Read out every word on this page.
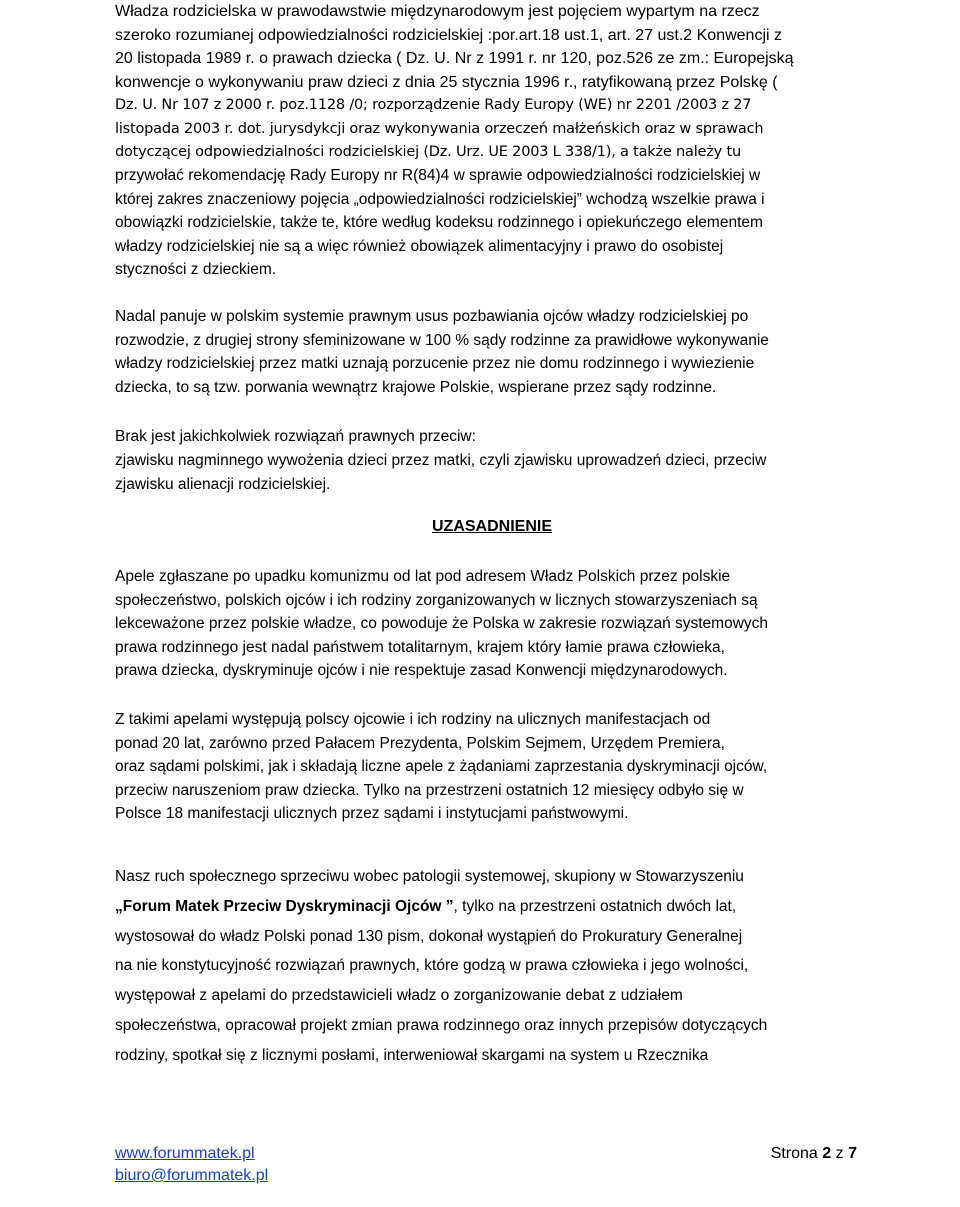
Władza rodzicielska w prawodawstwie międzynarodowym jest pojęciem wypartym na rzecz
szeroko rozumianej odpowiedzialności rodzicielskiej :por.art.18 ust.1, art. 27 ust.2 Konwencji z
20 listopada 1989 r. o prawach dziecka ( Dz. U. Nr z 1991 r. nr 120, poz.526 ze zm.: Europejską
konwencje o wykonywaniu praw dzieci z dnia 25 stycznia 1996 r., ratyfikowaną przez Polskę (
Dz. U. Nr 107 z 2000 r. poz.1128 /0; rozporządzenie Rady Europy (WE) nr 2201 /2003 z 27
listopada 2003 r. dot. jurysdykcji oraz wykonywania orzeczeń małżeńskich oraz w sprawach
dotyczącej odpowiedzialności rodzicielskiej (Dz. Urz. UE 2003 L 338/1), a także należy tu
przywołać rekomendację Rady Europy nr R(84)4 w sprawie odpowiedzialności rodzicielskiej w
której zakres znaczeniowy pojęcia „odpowiedzialności rodzicielskiej” wchodzą wszelkie prawa i
obowiązki rodzicielskie, także te, które według kodeksu rodzinnego i opiekuńczego elementem
władzy rodzicielskiej nie są a więc również obowiązek alimentacyjny i prawo do osobistej
styczności z dzieckiem.
Nadal panuje w polskim systemie prawnym usus pozbawiania ojców władzy rodzicielskiej po
rozwodzie, z drugiej strony sfeminizowane w 100 % sądy rodzinne za prawidłowe wykonywanie
władzy rodzicielskiej przez matki uznają porzucenie przez nie domu rodzinnego i wywiezienie
dziecka, to są tzw. porwania wewnątrz krajowe Polskie, wspierane przez sądy rodzinne.
Brak jest jakichkolwiek rozwiązań prawnych przeciw:
zjawisku nagminnego wywożenia dzieci przez matki, czyli zjawisku uprowadzeń dzieci, przeciw
zjawisku alienacji rodzicielskiej.
UZASADNIENIE
Apele zgłaszane po upadku komunizmu od lat pod adresem Władz Polskich przez polskie
społeczeństwo, polskich ojców i ich rodziny zorganizowanych w licznych stowarzyszeniach są
lekceważone przez polskie władze, co powoduje że Polska w zakresie rozwiązań systemowych
prawa rodzinnego jest nadal państwem totalitarnym, krajem który łamie prawa człowieka,
prawa dziecka, dyskryminuje ojców i nie respektuje zasad Konwencji międzynarodowych.
Z takimi apelami występują polscy ojcowie i ich rodziny na ulicznych manifestacjach od
ponad 20 lat, zarówno przed Pałacem Prezydenta, Polskim Sejmem, Urzędem Premiera,
oraz sądami polskimi, jak i składają liczne apele z żądaniami zaprzestania dyskryminacji ojców,
przeciw naruszeniom praw dziecka. Tylko na przestrzeni ostatnich 12 miesięcy odbyło się w
Polsce 18 manifestacji ulicznych przez sądami i instytucjami państwowymi.
Nasz ruch społecznego sprzeciwu wobec patologii systemowej, skupiony w Stowarzyszeniu
„Forum Matek Przeciw Dyskryminacji Ojców ”, tylko na przestrzeni ostatnich dwóch lat,
wystosował do władz Polski ponad 130 pism, dokonał wystąpień do Prokuratury Generalnej
na nie konstytucyjność rozwiązań prawnych, które godzą w prawa człowieka i jego wolności,
występował z apelami do przedstawicieli władz o zorganizowanie debat z udziałem
społeczeństwa, opracował projekt zmian prawa rodzinnego oraz innych przepisów dotyczących
rodziny, spotkał się z licznymi posłami, interweniował skargami na system u Rzecznika
www.forummatek.pl
biuro@forummatek.pl
Strona 2 z 7
